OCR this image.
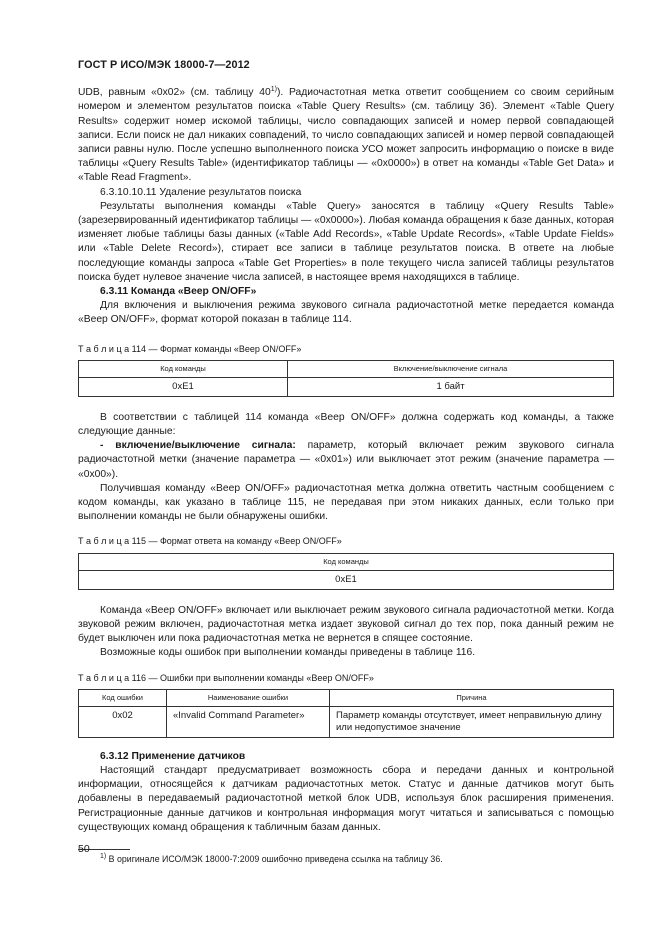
ГОСТ Р ИСО/МЭК 18000-7—2012

UDB, равным «0x02» (см. таблицу 40$^{1)}$). Радиочастотная метка ответит сообщением со своим серийным номером и элементом результатов поиска «Table Query Results» (см. таблицу 36). Элемент «Table Query Results» содержит номер искомой таблицы, число совпадающих записей и номер первой совпадающей записи. Если поиск не дал никаких совпадений, то число совпадающих записей и номер первой совпадающей записи равны нулю. После успешно выполненного поиска УСО может запросить информацию о поиске в виде таблицы «Query Results Table» (идентификатор таблицы — «0x0000») в ответ на команды «Table Get Data» и «Table Read Fragment».

6.3.10.10.11 Удаление результатов поиска

Результаты выполнения команды «Table Query» заносятся в таблицу «Query Results Table» (зарезервированный идентификатор таблицы — «0x0000»). Любая команда обращения к базе данных, которая изменяет любые таблицы базы данных («Table Add Records», «Table Update Records», «Table Update Fields» или «Table Delete Record»), стирает все записи в таблице результатов поиска. В ответе на любые последующие команды запроса «Table Get Properties» в поле текущего числа записей таблицы результатов поиска будет нулевое значение числа записей, в настоящее время находящихся в таблице.

6.3.11 Команда «Beep ON/OFF»

Для включения и выключения режима звукового сигнала радиочастотной метке передается команда «Beep ON/OFF», формат которой показан в таблице 114.

Т а б л и ц а 114 — Формат команды «Beep ON/OFF»
Код команды	Включение/выключение сигнала
0xE1	1 байт

В соответствии с таблицей 114 команда «Beep ON/OFF» должна содержать код команды, а также следующие данные:

- включение/выключение сигнала: параметр, который включает режим звукового сигнала радиочастотной метки (значение параметра — «0x01») или выключает этот режим (значение параметра — «0x00»).

Получившая команду «Beep ON/OFF» радиочастотная метка должна ответить частным сообщением с кодом команды, как указано в таблице 115, не передавая при этом никаких данных, если только при выполнении команды не были обнаружены ошибки.

Т а б л и ц а 115 — Формат ответа на команду «Beep ON/OFF»
Код команды
0xE1

Команда «Beep ON/OFF» включает или выключает режим звукового сигнала радиочастотной метки. Когда звуковой режим включен, радиочастотная метка издает звуковой сигнал до тех пор, пока данный режим не будет выключен или пока радиочастотная метка не вернется в спящее состояние.

Возможные коды ошибок при выполнении команды приведены в таблице 116.

Т а б л и ц а 116 — Ошибки при выполнении команды «Beep ON/OFF»
Код ошибки	Наименование ошибки	Причина
0x02	«Invalid Command Parameter»	Параметр команды отсутствует, имеет неправильную длину или недопустимое значение

6.3.12 Применение датчиков

Настоящий стандарт предусматривает возможность сбора и передачи данных и контрольной информации, относящейся к датчикам радиочастотных меток. Статус и данные датчиков могут быть добавлены в передаваемый радиочастотной меткой блок UDB, используя блок расширения применения. Регистрационные данные датчиков и контрольная информация могут читаться и записываться с помощью существующих команд обращения к табличным базам данных.

$^{1)}$ В оригинале ИСО/МЭК 18000-7:2009 ошибочно приведена ссылка на таблицу 36.
50
